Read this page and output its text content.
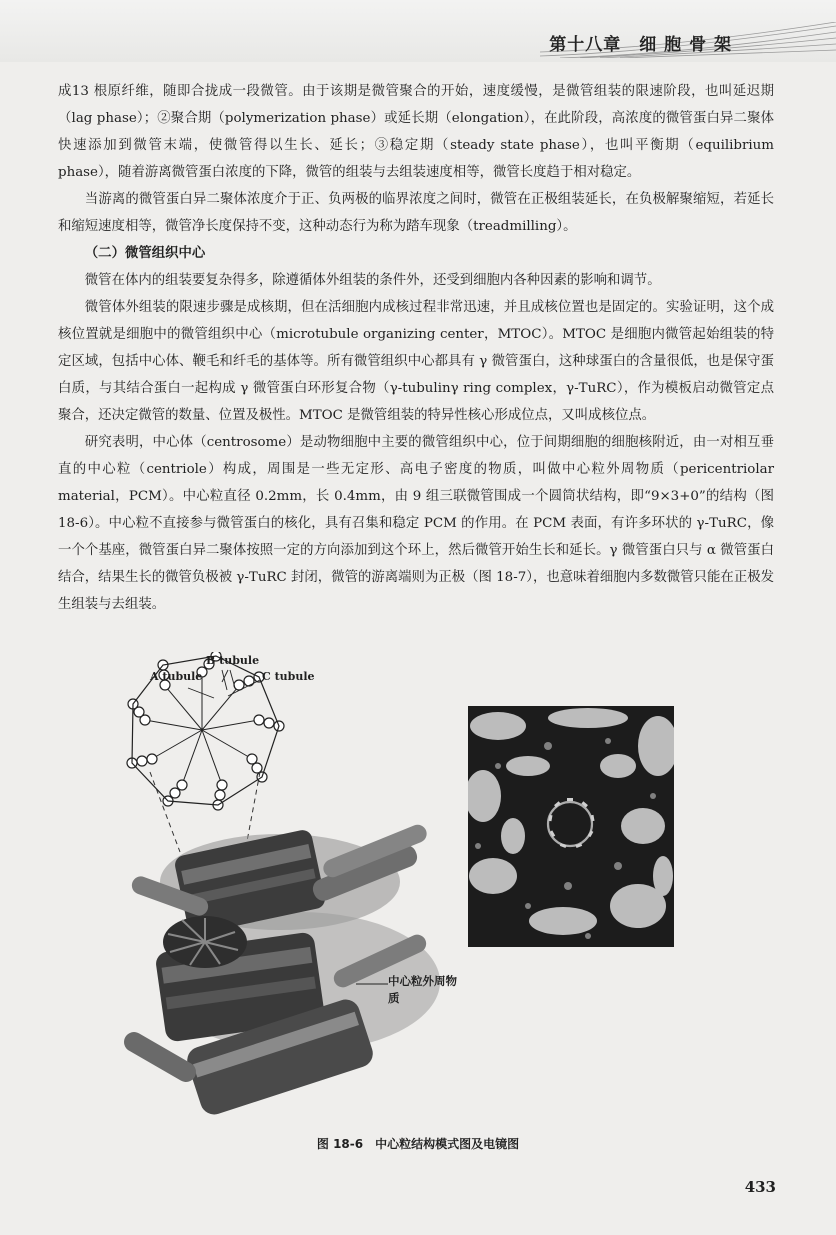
第十八章　细 胞 骨 架

成13 根原纤维，随即合拢成一段微管。由于该期是微管聚合的开始，速度缓慢，是微管组装的限速阶段，也叫延迟期（lag phase）；②聚合期（polymerization phase）或延长期（elongation），在此阶段，高浓度的微管蛋白异二聚体快速添加到微管末端，使微管得以生长、延长；③稳定期（steady state phase），也叫平衡期（equilibrium phase），随着游离微管蛋白浓度的下降，微管的组装与去组装速度相等，微管长度趋于相对稳定。

当游离的微管蛋白异二聚体浓度介于正、负两极的临界浓度之间时，微管在正极组装延长，在负极解聚缩短，若延长和缩短速度相等，微管净长度保持不变，这种动态行为称为踏车现象（treadmilling）。

（二）微管组织中心

微管在体内的组装要复杂得多，除遵循体外组装的条件外，还受到细胞内各种因素的影响和调节。

微管体外组装的限速步骤是成核期，但在活细胞内成核过程非常迅速，并且成核位置也是固定的。实验证明，这个成核位置就是细胞中的微管组织中心（microtubule organizing center，MTOC）。MTOC 是细胞内微管起始组装的特定区域，包括中心体、鞭毛和纤毛的基体等。所有微管组织中心都具有 γ 微管蛋白，这种球蛋白的含量很低，也是保守蛋白质，与其结合蛋白一起构成 γ 微管蛋白环形复合物（γ-tubulinγ ring complex，γ-TuRC），作为模板启动微管定点聚合，还决定微管的数量、位置及极性。MTOC 是微管组装的特异性核心形成位点，又叫成核位点。

研究表明，中心体（centrosome）是动物细胞中主要的微管组织中心，位于间期细胞的细胞核附近，由一对相互垂直的中心粒（centriole）构成，周围是一些无定形、高电子密度的物质，叫做中心粒外周物质（pericentriolar material，PCM）。中心粒直径 0.2mm，长 0.4mm，由 9 组三联微管围成一个圆筒状结构，即“9×3+0”的结构（图 18-6）。中心粒不直接参与微管蛋白的核化，具有召集和稳定 PCM 的作用。在 PCM 表面，有许多环状的 γ-TuRC，像一个个基座，微管蛋白异二聚体按照一定的方向添加到这个环上，然后微管开始生长和延长。γ 微管蛋白只与 α 微管蛋白结合，结果生长的微管负极被 γ-TuRC 封闭，微管的游离端则为正极（图 18-7），也意味着细胞内多数微管只能在正极发生组装与去组装。

B tubule
A tubule	C tubule
中心粒外周物质
图 18-6　中心粒结构模式图及电镜图
433
